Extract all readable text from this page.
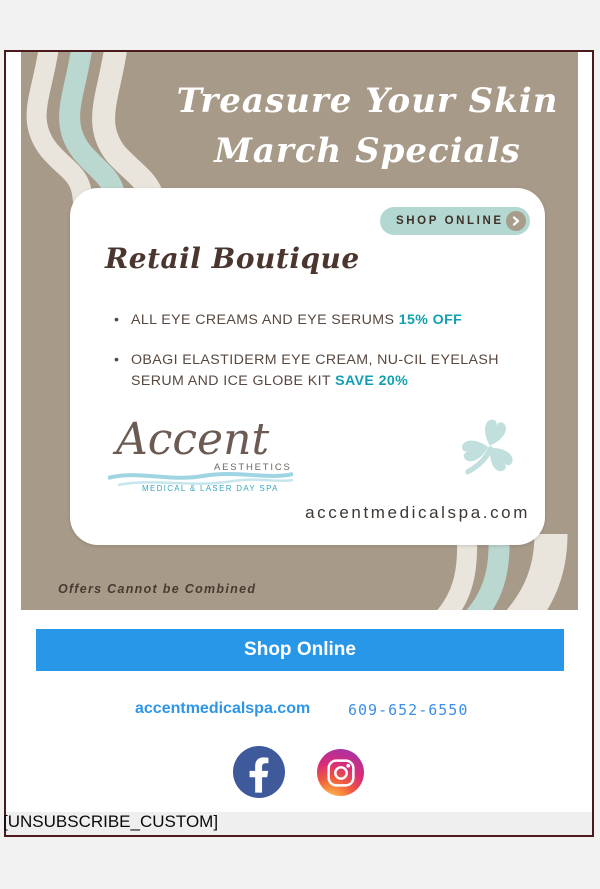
Treasure Your Skin
March Specials
SHOP ONLINE
Retail Boutique
• ALL EYE CREAMS AND EYE SERUMS 15% OFF
• OBAGI ELASTIDERM EYE CREAM, NU-CIL EYELASH SERUM AND ICE GLOBE KIT SAVE 20%
Accent
AESTHETICS
MEDICAL & LASER DAY SPA
accentmedicalspa.com
Offers Cannot be Combined
Shop Online
accentmedicalspa.com	609-652-6550
[UNSUBSCRIBE_CUSTOM]
